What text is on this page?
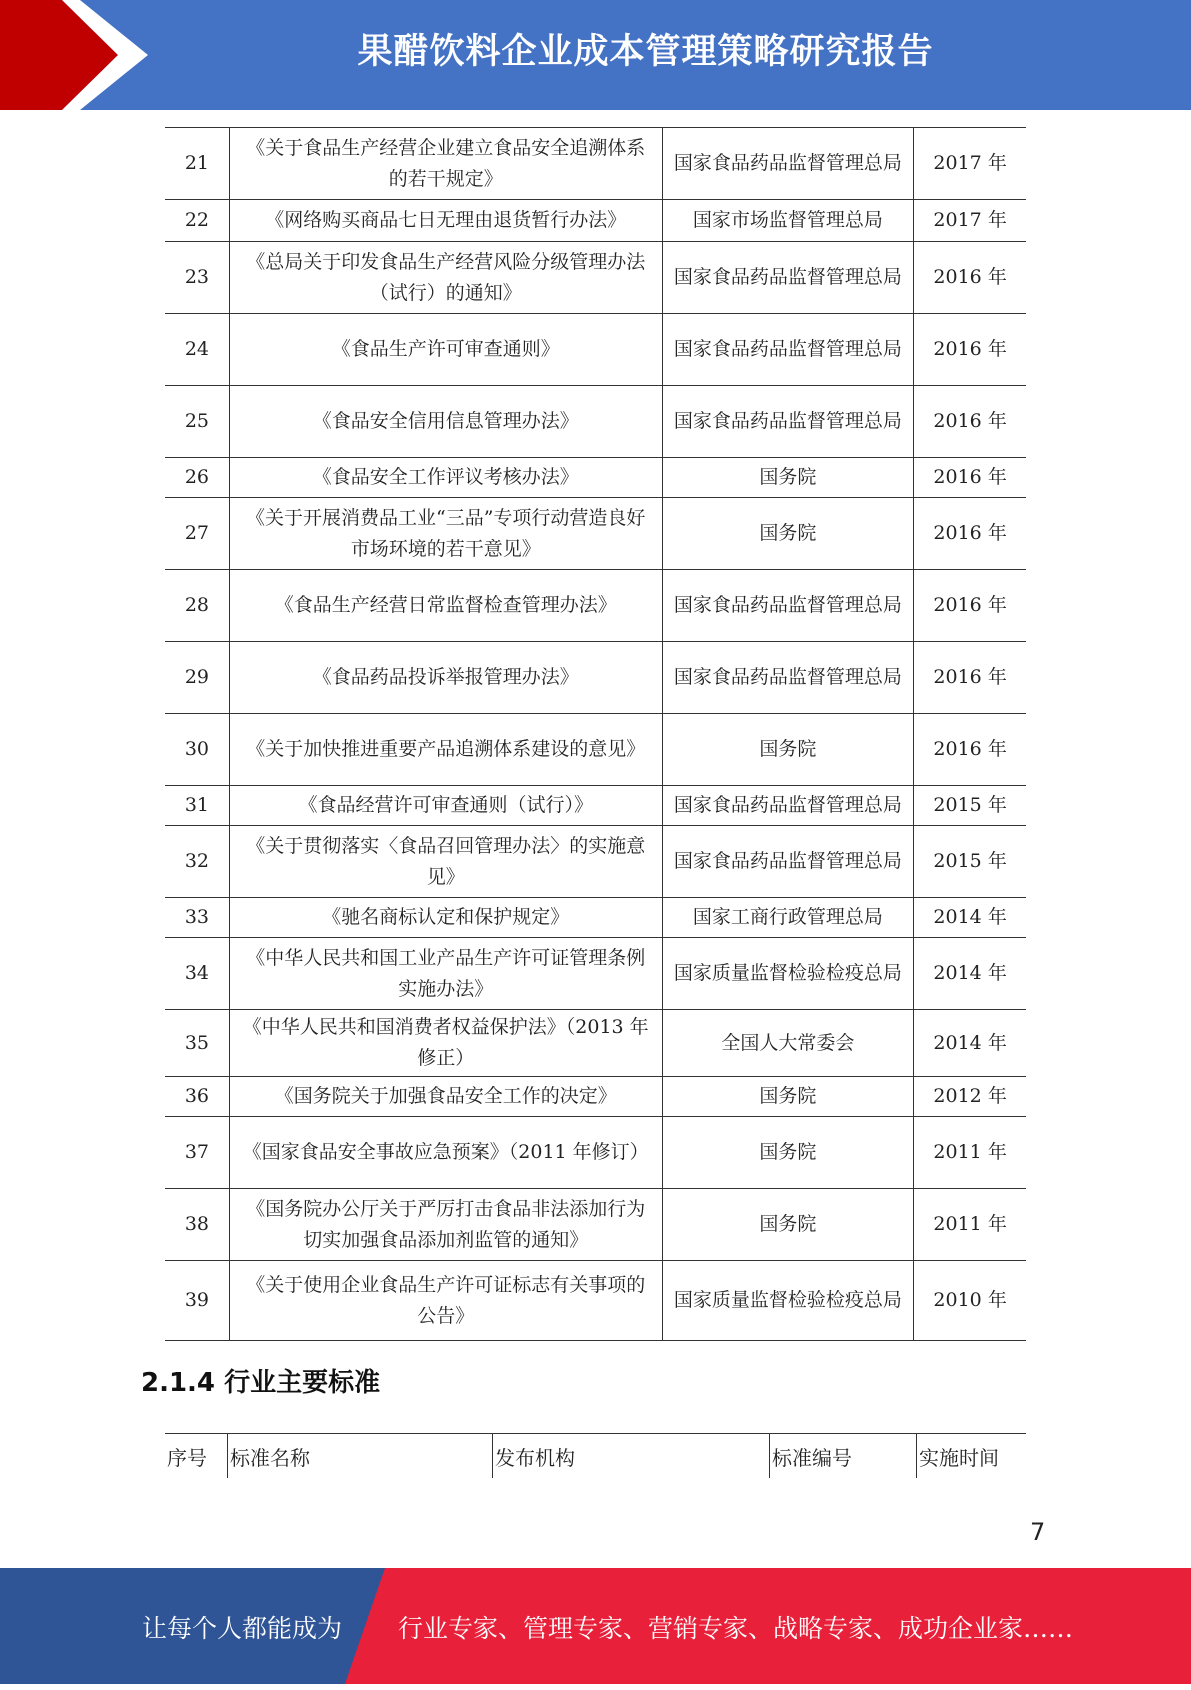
果醋饮料企业成本管理策略研究报告
21	《关于食品生产经营企业建立食品安全追溯体系的若干规定》	国家食品药品监督管理总局	2017 年
22	《网络购买商品七日无理由退货暂行办法》	国家市场监督管理总局	2017 年
23	《总局关于印发食品生产经营风险分级管理办法（试行）的通知》	国家食品药品监督管理总局	2016 年
24	《食品生产许可审查通则》	国家食品药品监督管理总局	2016 年
25	《食品安全信用信息管理办法》	国家食品药品监督管理总局	2016 年
26	《食品安全工作评议考核办法》	国务院	2016 年
27	《关于开展消费品工业“三品”专项行动营造良好市场环境的若干意见》	国务院	2016 年
28	《食品生产经营日常监督检查管理办法》	国家食品药品监督管理总局	2016 年
29	《食品药品投诉举报管理办法》	国家食品药品监督管理总局	2016 年
30	《关于加快推进重要产品追溯体系建设的意见》	国务院	2016 年
31	《食品经营许可审查通则（试行）》	国家食品药品监督管理总局	2015 年
32	《关于贯彻落实〈食品召回管理办法〉的实施意见》	国家食品药品监督管理总局	2015 年
33	《驰名商标认定和保护规定》	国家工商行政管理总局	2014 年
34	《中华人民共和国工业产品生产许可证管理条例实施办法》	国家质量监督检验检疫总局	2014 年
35	《中华人民共和国消费者权益保护法》（2013 年修正）	全国人大常委会	2014 年
36	《国务院关于加强食品安全工作的决定》	国务院	2012 年
37	《国家食品安全事故应急预案》（2011 年修订）	国务院	2011 年
38	《国务院办公厅关于严厉打击食品非法添加行为切实加强食品添加剂监管的通知》	国务院	2011 年
39	《关于使用企业食品生产许可证标志有关事项的公告》	国家质量监督检验检疫总局	2010 年
2.1.4 行业主要标准
序号	标准名称	发布机构	标准编号	实施时间
7
让每个人都能成为 行业专家、管理专家、营销专家、战略专家、成功企业家……
